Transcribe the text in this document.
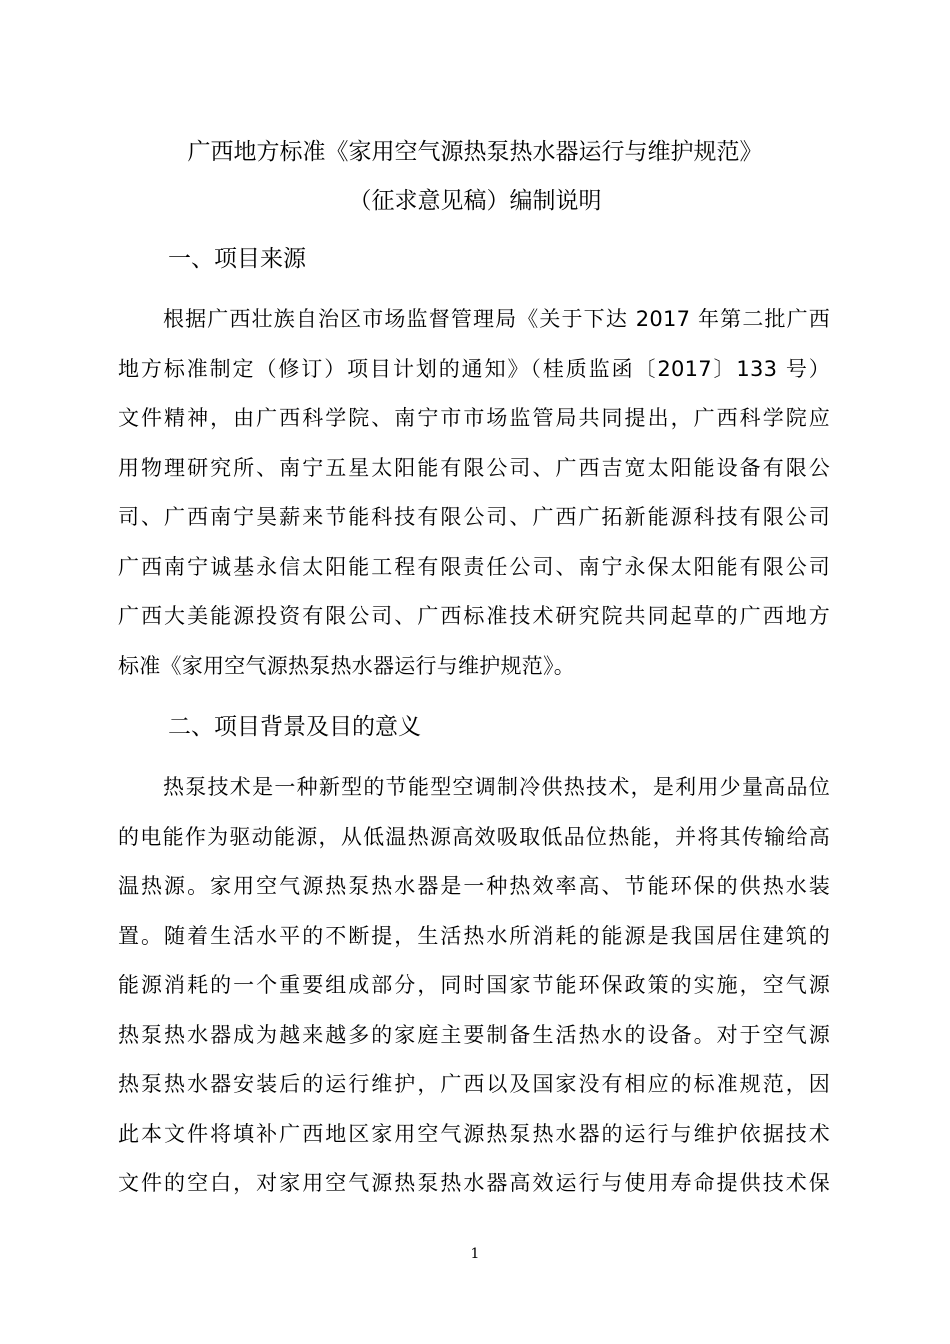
广西地方标准《家用空气源热泵热水器运行与维护规范》
（征求意见稿）编制说明
一、项目来源
根据广西壮族自治区市场监督管理局《关于下达 2017 年第二批广西
地方标准制定（修订）项目计划的通知》（桂质监函〔2017〕133 号）
文件精神，由广西科学院、南宁市市场监管局共同提出，广西科学院应
用物理研究所、南宁五星太阳能有限公司、广西吉宽太阳能设备有限公
司、广西南宁昊薪来节能科技有限公司、广西广拓新能源科技有限公司
广西南宁诚基永信太阳能工程有限责任公司、南宁永保太阳能有限公司
广西大美能源投资有限公司、广西标准技术研究院共同起草的广西地方
标准《家用空气源热泵热水器运行与维护规范》。
二、项目背景及目的意义
热泵技术是一种新型的节能型空调制冷供热技术，是利用少量高品位
的电能作为驱动能源，从低温热源高效吸取低品位热能，并将其传输给高
温热源。家用空气源热泵热水器是一种热效率高、节能环保的供热水装
置。随着生活水平的不断提，生活热水所消耗的能源是我国居住建筑的
能源消耗的一个重要组成部分，同时国家节能环保政策的实施，空气源
热泵热水器成为越来越多的家庭主要制备生活热水的设备。对于空气源
热泵热水器安装后的运行维护，广西以及国家没有相应的标准规范，因
此本文件将填补广西地区家用空气源热泵热水器的运行与维护依据技术
文件的空白，对家用空气源热泵热水器高效运行与使用寿命提供技术保
1
